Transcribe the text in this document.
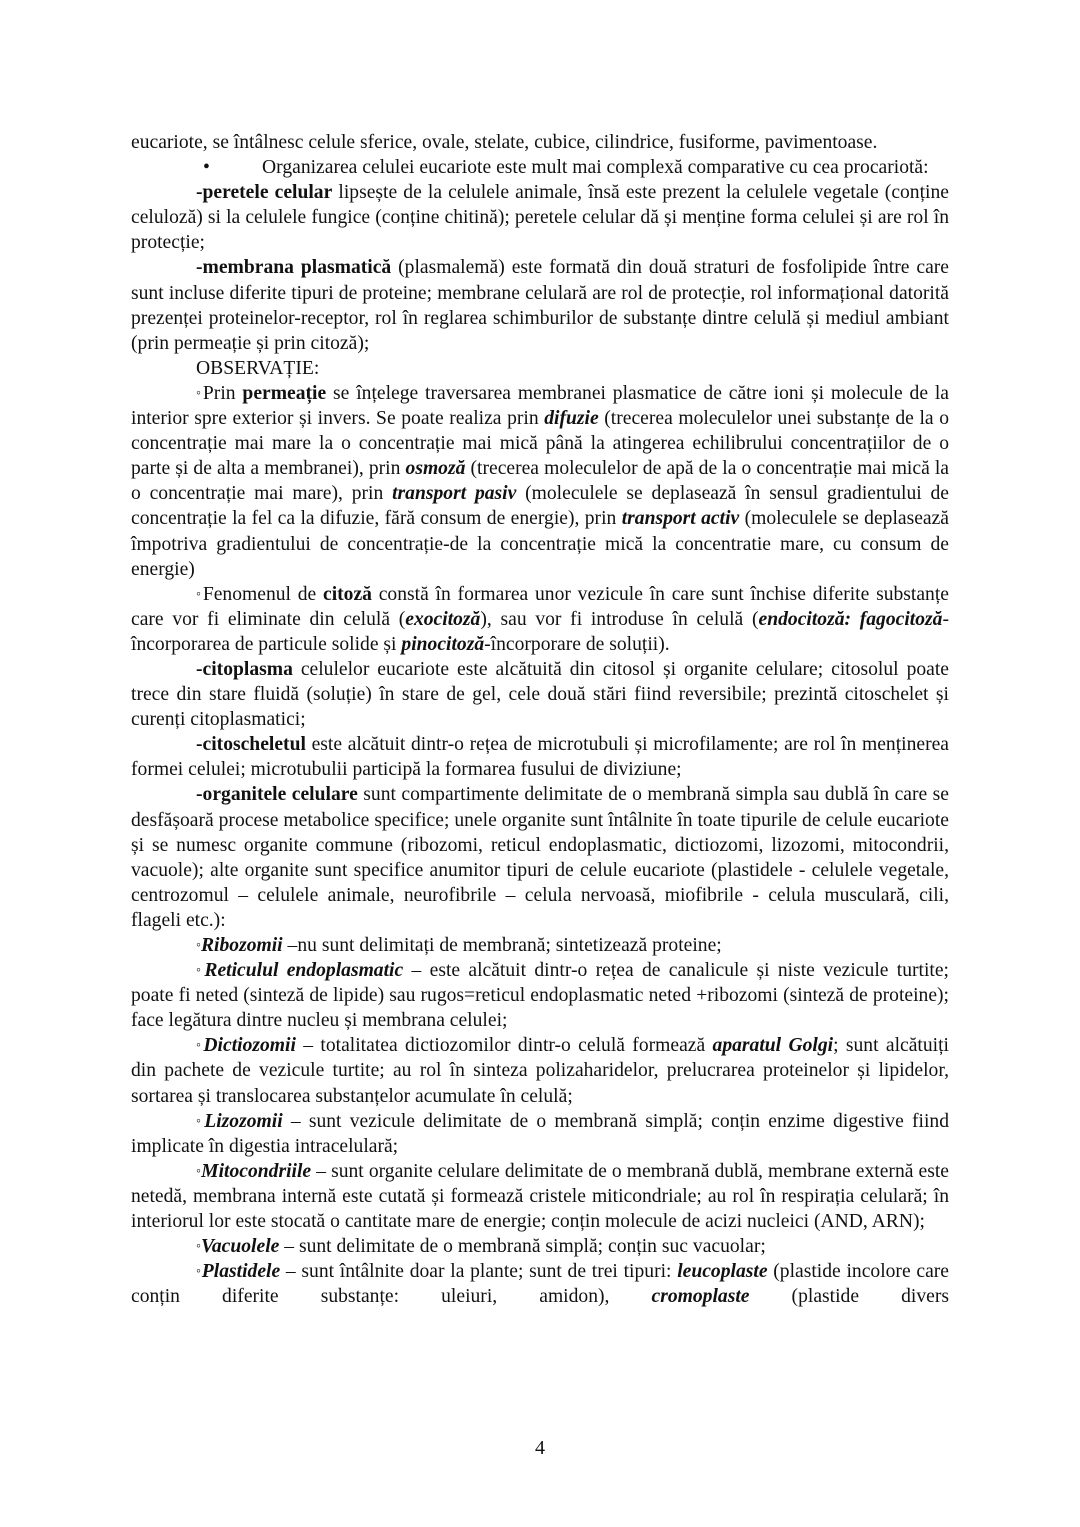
eucariote, se întâlnesc celule sferice, ovale, stelate, cubice, cilindrice, fusiforme, pavimentoase.

•	Organizarea celulei eucariote este mult mai complexă comparative cu cea procariotă:

-peretele celular lipsește de la celulele animale, însă este prezent la celulele vegetale (conține celuloză) si la celulele fungice (conține chitină); peretele celular dă și menține forma celulei și are rol în protecție;

-membrana plasmatică (plasmalemă) este formată din două straturi de fosfolipide între care sunt incluse diferite tipuri de proteine; membrane celulară are rol de protecție, rol informațional datorită prezenței proteinelor-receptor, rol în reglarea schimburilor de substanțe dintre celulă și mediul ambiant (prin permeație și prin citoză);

OBSERVAȚIE:

◦Prin permeație se înțelege traversarea membranei plasmatice de către ioni și molecule de la interior spre exterior și invers. Se poate realiza prin difuzie (trecerea moleculelor unei substanțe de la o concentrație mai mare la o concentrație mai mică până la atingerea echilibrului concentrațiilor de o parte și de alta a membranei), prin osmoză (trecerea moleculelor de apă de la o concentrație mai mică la o concentrație mai mare), prin transport pasiv (moleculele se deplasează în sensul gradientului de concentrație la fel ca la difuzie, fără consum de energie), prin transport activ (moleculele se deplasează împotriva gradientului de concentrație-de la concentrație mică la concentratie mare, cu consum de energie)

◦Fenomenul de citoză constă în formarea unor vezicule în care sunt închise diferite substanțe care vor fi eliminate din celulă (exocitoză), sau vor fi introduse în celulă (endocitoză: fagocitoză-încorporarea de particule solide și pinocitoză-încorporare de soluții).

-citoplasma celulelor eucariote este alcătuită din citosol și organite celulare; citosolul poate trece din stare fluidă (soluție) în stare de gel, cele două stări fiind reversibile; prezintă citoschelet și curenți citoplasmatici;

-citoscheletul este alcătuit dintr-o rețea de microtubuli și microfilamente; are rol în menținerea formei celulei; microtubulii participă la formarea fusului de diviziune;

-organitele celulare sunt compartimente delimitate de o membrană simpla sau dublă în care se desfășoară procese metabolice specifice; unele organite sunt întâlnite în toate tipurile de celule eucariote și se numesc organite commune (ribozomi, reticul endoplasmatic, dictiozomi, lizozomi, mitocondrii, vacuole); alte organite sunt specifice anumitor tipuri de celule eucariote (plastidele - celulele vegetale, centrozomul – celulele animale, neurofibrile – celula nervoasă, miofibrile - celula musculară, cili, flageli etc.):

◦Ribozomii –nu sunt delimitați de membrană; sintetizează proteine;

◦Reticulul endoplasmatic – este alcătuit dintr-o rețea de canalicule și niste vezicule turtite; poate fi neted (sinteză de lipide) sau rugos=reticul endoplasmatic neted +ribozomi (sinteză de proteine); face legătura dintre nucleu și membrana celulei;

◦Dictiozomii – totalitatea dictiozomilor dintr-o celulă formează aparatul Golgi; sunt alcătuiți din pachete de vezicule turtite; au rol în sinteza polizaharidelor, prelucrarea proteinelor și lipidelor, sortarea și translocarea substanțelor acumulate în celulă;

◦Lizozomii – sunt vezicule delimitate de o membrană simplă; conțin enzime digestive fiind implicate în digestia intracelulară;

◦Mitocondriile – sunt organite celulare delimitate de o membrană dublă, membrane externă este netedă, membrana internă este cutată și formează cristele miticondriale; au rol în respirația celulară; în interiorul lor este stocată o cantitate mare de energie; conțin molecule de acizi nucleici (AND, ARN);

◦Vacuolele – sunt delimitate de o membrană simplă; conțin suc vacuolar;

◦Plastidele – sunt întâlnite doar la plante; sunt de trei tipuri: leucoplaste (plastide incolore care conțin diferite substanțe: uleiuri, amidon), cromoplaste (plastide divers

4
